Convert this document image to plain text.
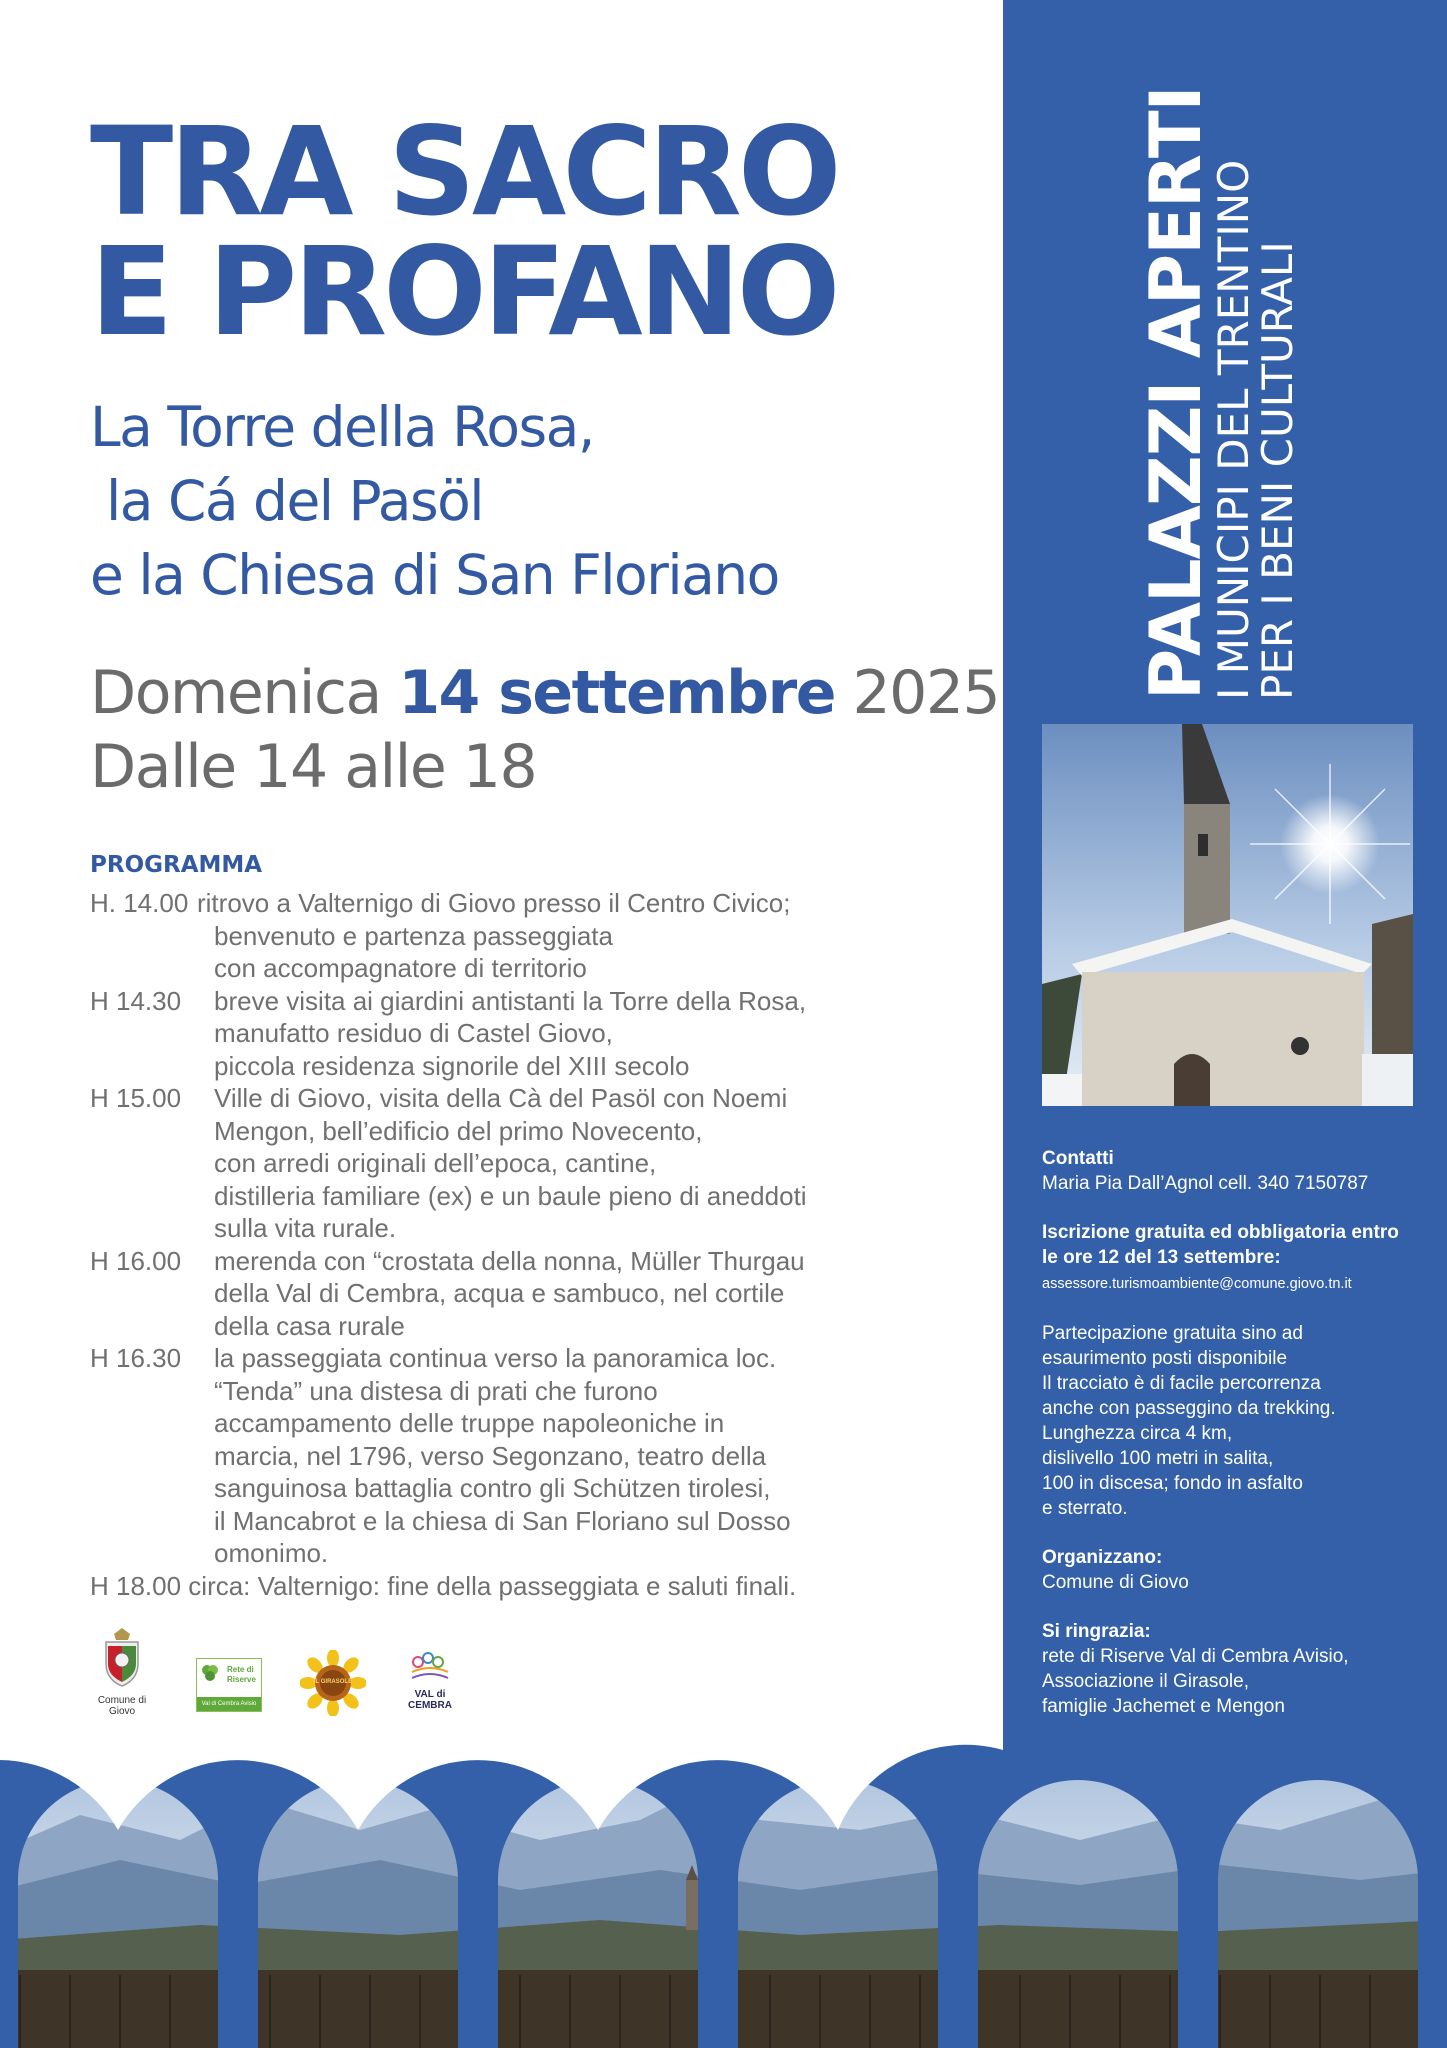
TRA SACRO
E PROFANO
La Torre della Rosa,
la Cá del Pasöl
e la Chiesa di San Floriano
Domenica 14 settembre 2025
Dalle 14 alle 18
PROGRAMMA
H. 14.00 ritrovo a Valternigo di Giovo presso il Centro Civico;
benvenuto e partenza passeggiata
con accompagnatore di territorio
H 14.30	breve visita ai giardini antistanti la Torre della Rosa,
manufatto residuo di Castel Giovo,
piccola residenza signorile del XIII secolo
H 15.00	Ville di Giovo, visita della Cà del Pasöl con Noemi
Mengon, bell’edificio del primo Novecento,
con arredi originali dell’epoca, cantine,
distilleria familiare (ex) e un baule pieno di aneddoti
sulla vita rurale.
H 16.00	merenda con “crostata della nonna, Müller Thurgau
della Val di Cembra, acqua e sambuco, nel cortile
della casa rurale
H 16.30	la passeggiata continua verso la panoramica loc.
“Tenda” una distesa di prati che furono
accampamento delle truppe napoleoniche in
marcia, nel 1796, verso Segonzano, teatro della
sanguinosa battaglia contro gli Schützen tirolesi,
il Mancabrot e la chiesa di San Floriano sul Dosso
omonimo.
H 18.00 circa: Valternigo: fine della passeggiata e saluti finali.
Comune di
Giovo
Rete di
Riserve
Val di Cembra Avisio
IL GIRASOLE
VAL di
CEMBRA
PALAZZI APERTI
I MUNICIPI DEL TRENTINO
PER I BENI CULTURALI

Contatti
Maria Pia Dall’Agnol cell. 340 7150787

Iscrizione gratuita ed obbligatoria entro
le ore 12 del 13 settembre:
assessore.turismoambiente@comune.giovo.tn.it

Partecipazione gratuita sino ad
esaurimento posti disponibile
Il tracciato è di facile percorrenza
anche con passeggino da trekking.
Lunghezza circa 4 km,
dislivello 100 metri in salita,
100 in discesa; fondo in asfalto
e sterrato.

Organizzano:
Comune di Giovo

Si ringrazia:
rete di Riserve Val di Cembra Avisio,
Associazione il Girasole,
famiglie Jachemet e Mengon
